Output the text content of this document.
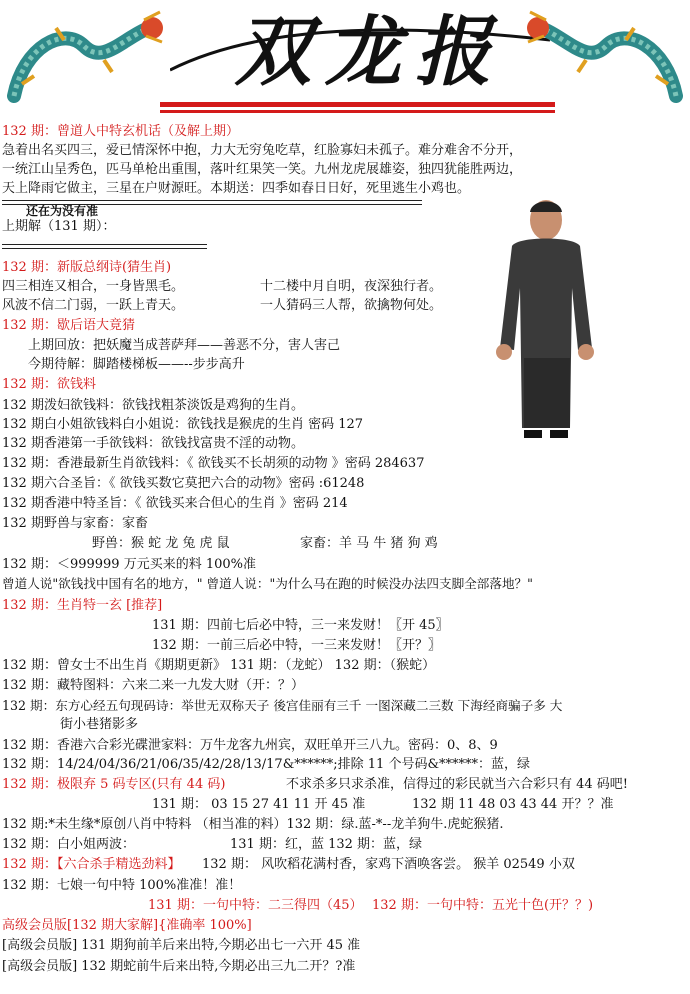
双龙报
132 期：曾道人中特玄机话（及解上期）
急着出名买四三，爱已情深怀中抱，力大无穷兔吃草，红脸寡妇未孤子。难分难舍不分开，
一统江山呈秀色，匹马单枪出重围，落叶红果笑一笑。九州龙虎展雄姿，独四犹能胜两边，
天上降雨它做主，三星在户财源旺。本期送：四季如春日日好，死里逃生小鸡也。
还在为没有准
上期解（131 期）：
132 期：新版总纲诗(猜生肖)
四三相连又相合，一身皆黑毛。	十二楼中月自明，夜深独行者。
风波不信二门弱，一跃上青天。	一人猜码三人帮，欲擒物何处。
132 期：歇后语大竟猜
上期回放：把妖魔当成菩萨拜——善恶不分，害人害己
今期待解：脚踏楼梯板——--步步高升
132 期：欲钱料
132 期泼妇欲钱料：欲钱找粗茶淡饭是鸡狗的生肖。
132 期白小姐欲钱料白小姐说：欲钱找是猴虎的生肖 密码 127
132 期香港第一手欲钱料：欲钱找富贵不淫的动物。
132 期：香港最新生肖欲钱料：《 欲钱买不长胡须的动物 》密码 284637
132 期六合圣旨：《 欲钱买数它莫把六合的动物》密码 :61248
132 期香港中特圣旨：《 欲钱买来合但心的生肖 》密码 214
132 期野兽与家畜：家畜
野兽：猴 蛇 龙 兔 虎 鼠	家畜：羊 马 牛 猪 狗 鸡
132 期：＜999999 万元买来的料 100%准
曾道人说"欲钱找中国有名的地方，" 曾道人说："为什么马在跑的时候没办法四支脚全部落地？"
132 期：生肖特一玄 [推荐]
131 期：四前七后必中特，三一来发财！〖开 45〗
132 期：一前三后必中特，一三来发财！〖开？〗
132 期：曾女士不出生肖《期期更新》 131 期：（龙蛇） 132 期：（猴蛇）
132 期：藏特图料：六来二来一九发大财（开：？）
132 期：东方心经五句现码诗：举世无双称天子 後宫佳丽有三千 一图深藏二三数 下海经商骗子多 大
街小巷猪影多
132 期：香港六合彩光碟泄家料：万牛龙客九州宾，双旺单开三八九。密码：0、8、9
132 期：14/24/04/36/21/06/35/42/28/13/17&******;排除 11 个号码&******：蓝，绿
132 期：极限弃 5 码专区(只有 44 码)	不求杀多只求杀准，信得过的彩民就当六合彩只有 44 码吧!
131 期： 03 15 27 41 11 开 45 准	132 期 11 48 03 43 44 开？？准
132 期:*未生缘*原创八肖中特料 （相当准的料）132 期：绿.蓝-*--龙羊狗牛.虎蛇猴猪.
132 期：白小姐两波：	131 期：红，蓝 132 期：蓝，绿
132 期：【六合杀手精选劲料】 132 期： 风吹稻花满村香，家鸡下酒唤客尝。 猴羊 02549 小双
132 期：七娘一句中特 100%准准！准！
131 期：一句中特：二三得四（45） 132 期：一句中特：五光十色(开？？)
高级会员版[132 期大家解]{准确率 100%]
[高级会员版] 131 期狗前羊后来出特,今期必出七一六开 45 准
[高级会员版] 132 期蛇前牛后来出特,今期必出三九二开？?准
